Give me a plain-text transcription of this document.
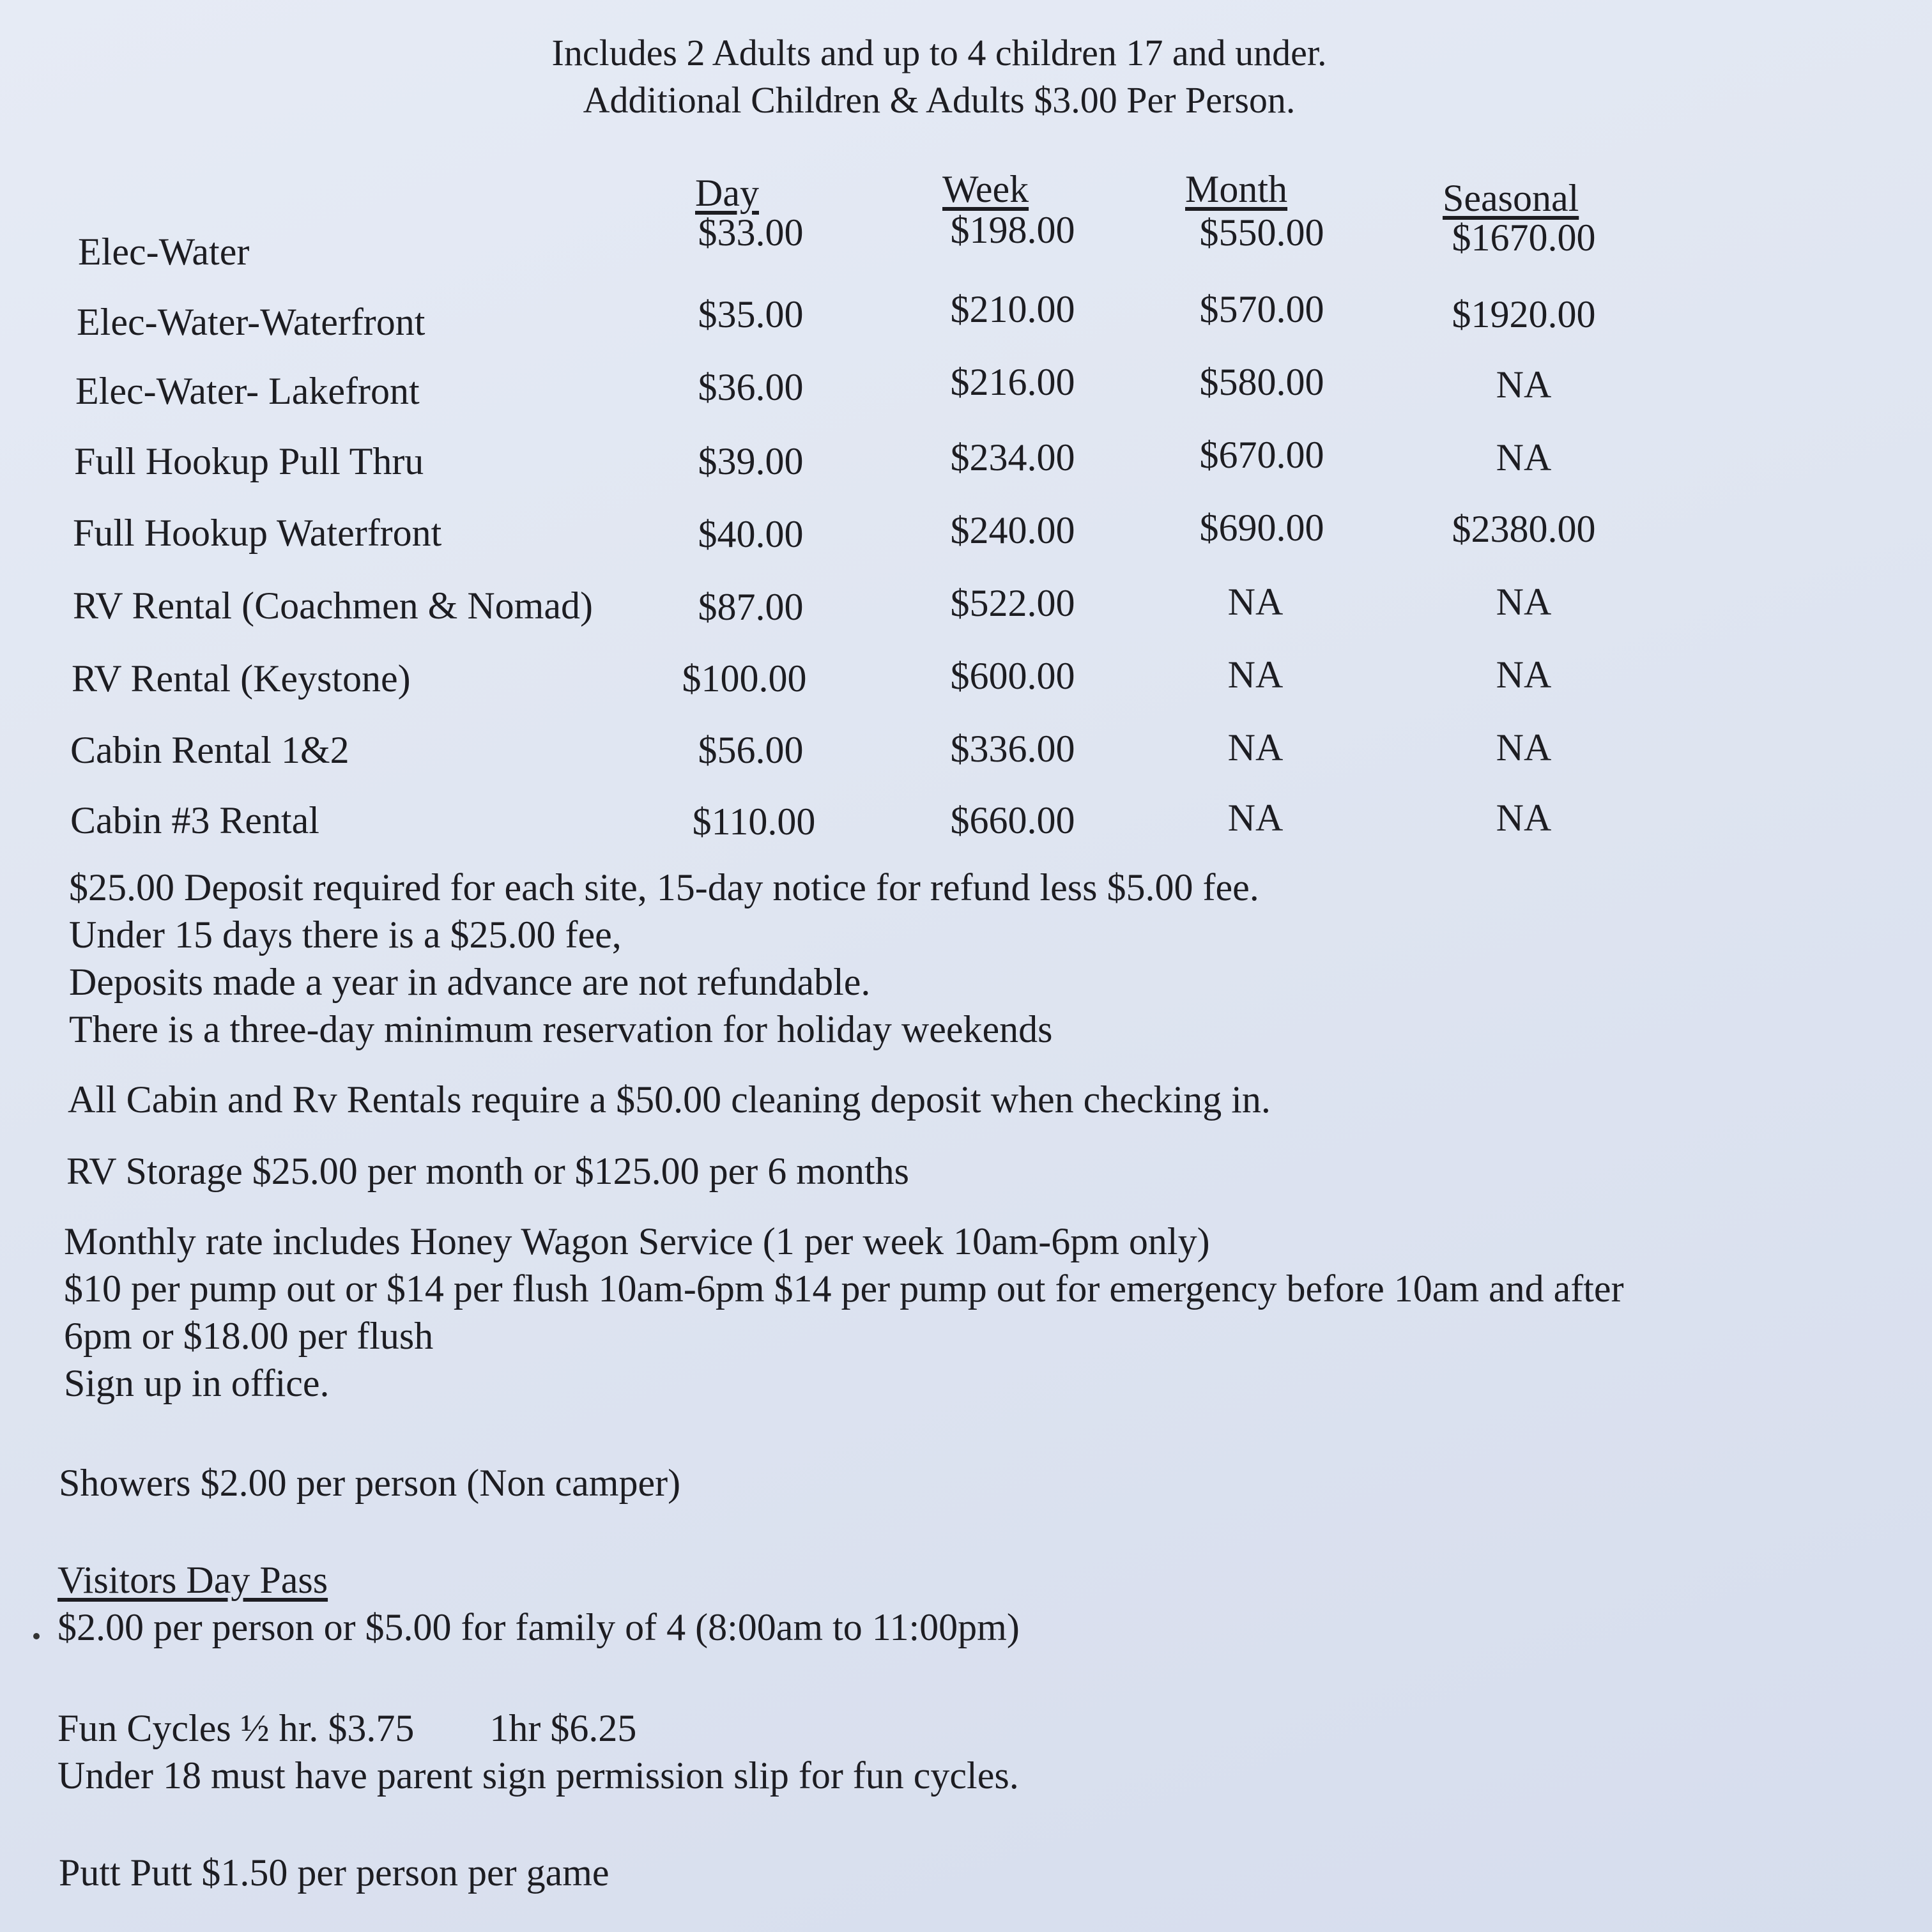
Includes 2 Adults and up to 4 children 17 and under.
Additional Children & Adults $3.00 Per Person.
Day	Week	Month	Seasonal
Elec-Water	$33.00	$198.00	$550.00	$1670.00
Elec-Water-Waterfront	$35.00	$210.00	$570.00	$1920.00
Elec-Water- Lakefront	$36.00	$216.00	$580.00	NA
Full Hookup Pull Thru	$39.00	$234.00	$670.00	NA
Full Hookup Waterfront	$40.00	$240.00	$690.00	$2380.00
RV Rental (Coachmen & Nomad)	$87.00	$522.00	NA	NA
RV Rental (Keystone)	$100.00	$600.00	NA	NA
Cabin Rental 1&2	$56.00	$336.00	NA	NA
Cabin #3 Rental	$110.00	$660.00	NA	NA

$25.00 Deposit required for each site, 15-day notice for refund less $5.00 fee.

Under 15 days there is a $25.00 fee,

Deposits made a year in advance are not refundable.

There is a three-day minimum reservation for holiday weekends

All Cabin and Rv Rentals require a $50.00 cleaning deposit when checking in.
RV Storage $25.00 per month or $125.00 per 6 months

Monthly rate includes Honey Wagon Service (1 per week 10am-6pm only)

$10 per pump out or $14 per flush 10am-6pm $14 per pump out for emergency before 10am and after

6pm or $18.00 per flush

Sign up in office.

Showers $2.00 per person (Non camper)

Visitors Day Pass

$2.00 per person or $5.00 for family of 4 (8:00am to 11:00pm)

Fun Cycles ½ hr. $3.75 1hr $6.25

Under 18 must have parent sign permission slip for fun cycles.

Putt Putt $1.50 per person per game
